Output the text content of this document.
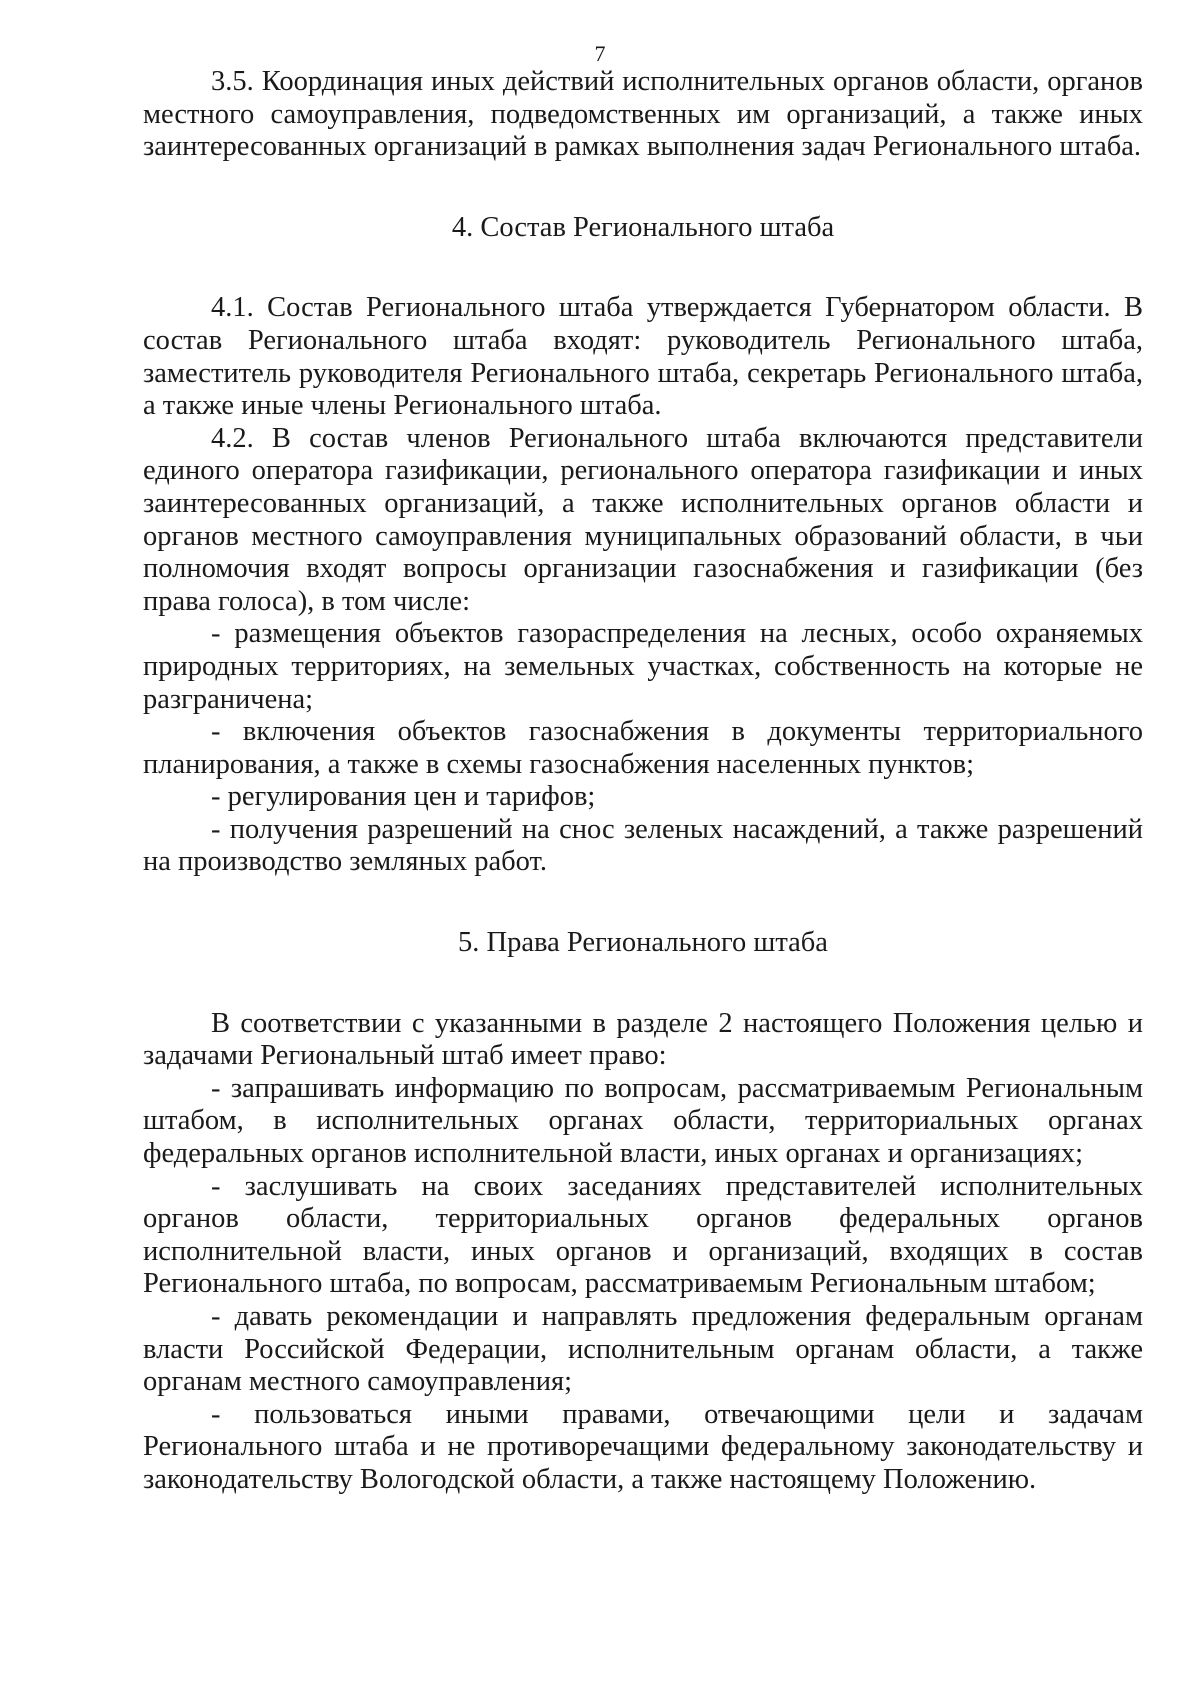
7

3.5. Координация иных действий исполнительных органов области, органов местного самоуправления, подведомственных им организаций, а также иных заинтересованных организаций в рамках выполнения задач Регионального штаба.

4. Состав Регионального штаба

4.1. Состав Регионального штаба утверждается Губернатором области. В состав Регионального штаба входят: руководитель Регионального штаба, заместитель руководителя Регионального штаба, секретарь Регионального штаба, а также иные члены Регионального штаба.

4.2. В состав членов Регионального штаба включаются представители единого оператора газификации, регионального оператора газификации и иных заинтересованных организаций, а также исполнительных органов области и органов местного самоуправления муниципальных образований области, в чьи полномочия входят вопросы организации газоснабжения и газификации (без права голоса), в том числе:

- размещения объектов газораспределения на лесных, особо охраняемых природных территориях, на земельных участках, собственность на которые не разграничена;

- включения объектов газоснабжения в документы территориального планирования, а также в схемы газоснабжения населенных пунктов;

- регулирования цен и тарифов;

- получения разрешений на снос зеленых насаждений, а также разрешений на производство земляных работ.

5. Права Регионального штаба

В соответствии с указанными в разделе 2 настоящего Положения целью и задачами Региональный штаб имеет право:

- запрашивать информацию по вопросам, рассматриваемым Региональным штабом, в исполнительных органах области, территориальных органах федеральных органов исполнительной власти, иных органах и организациях;

- заслушивать на своих заседаниях представителей исполнительных органов области, территориальных органов федеральных органов исполнительной власти, иных органов и организаций, входящих в состав Регионального штаба, по вопросам, рассматриваемым Региональным штабом;

- давать рекомендации и направлять предложения федеральным органам власти Российской Федерации, исполнительным органам области, а также органам местного самоуправления;

- пользоваться иными правами, отвечающими цели и задачам Регионального штаба и не противоречащими федеральному законодательству и законодательству Вологодской области, а также настоящему Положению.
